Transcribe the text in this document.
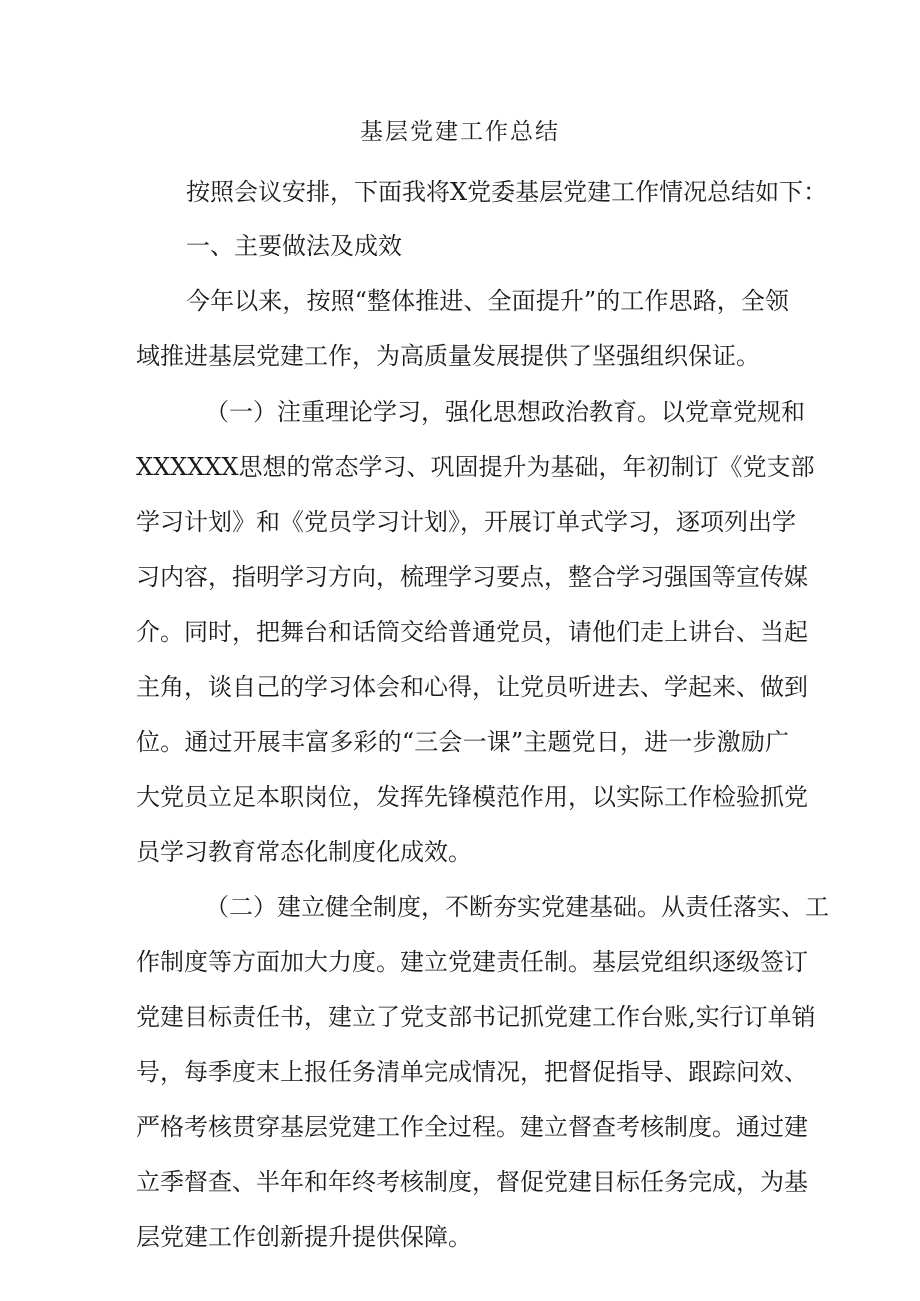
基层党建工作总结
按照会议安排，下面我将X党委基层党建工作情况总结如下：
一、主要做法及成效
今年以来，按照“整体推进、全面提升”的工作思路，全领
域推进基层党建工作，为高质量发展提供了坚强组织保证。
（一）注重理论学习，强化思想政治教育。以党章党规和
XXXXXX思想的常态学习、巩固提升为基础，年初制订《党支部
学习计划》和《党员学习计划》，开展订单式学习，逐项列出学
习内容，指明学习方向，梳理学习要点，整合学习强国等宣传媒
介。同时，把舞台和话筒交给普通党员，请他们走上讲台、当起
主角，谈自己的学习体会和心得，让党员听进去、学起来、做到
位。通过开展丰富多彩的“三会一课”主题党日，进一步激励广
大党员立足本职岗位，发挥先锋模范作用，以实际工作检验抓党
员学习教育常态化制度化成效。
（二）建立健全制度，不断夯实党建基础。从责任落实、工
作制度等方面加大力度。建立党建责任制。基层党组织逐级签订
党建目标责任书，建立了党支部书记抓党建工作台账,实行订单销
号，每季度末上报任务清单完成情况，把督促指导、跟踪问效、
严格考核贯穿基层党建工作全过程。建立督查考核制度。通过建
立季督查、半年和年终考核制度，督促党建目标任务完成，为基
层党建工作创新提升提供保障。
